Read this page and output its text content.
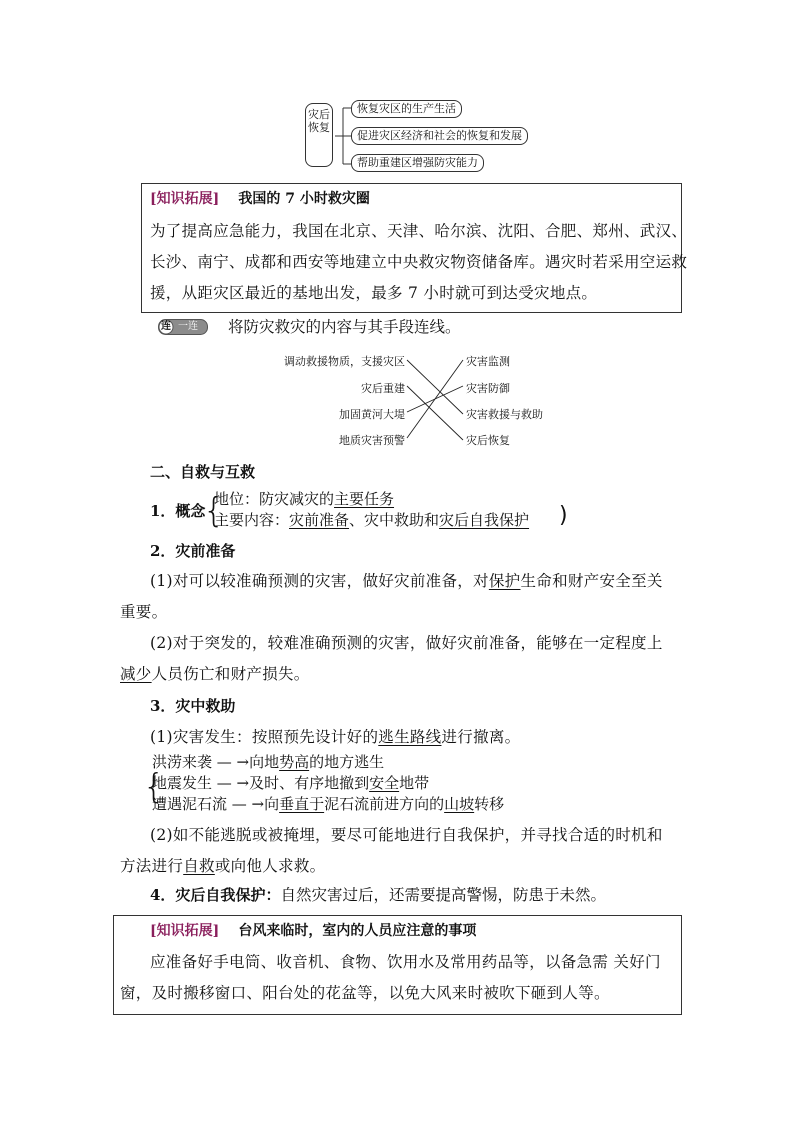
灾后恢复
恢复灾区的生产生活
促进灾区经济和社会的恢复和发展
帮助重建区增强防灾能力
[知识拓展] 我国的 7 小时救灾圈
为了提高应急能力，我国在北京、天津、哈尔滨、沈阳、合肥、郑州、武汉、
长沙、南宁、成都和西安等地建立中央救灾物资储备库。遇灾时若采用空运救
援，从距灾区最近的基地出发，最多 7 小时就可到达受灾地点。
连 一连 将防灾救灾的内容与其手段连线。
调动救援物质，支援灾区
灾后重建
加固黄河大堤
地质灾害预警
灾害监测
灾害防御
灾害救援与救助
灾后恢复
二、自救与互救
1．概念
{
地位：防灾减灾的主要任务
主要内容：灾前准备、灾中救助和灾后自我保护 )
2．灾前准备
(1)对可以较准确预测的灾害，做好灾前准备，对保护生命和财产安全至关
重要。
(2)对于突发的，较难准确预测的灾害，做好灾前准备，能够在一定程度上
减少人员伤亡和财产损失。
3．灾中救助
(1)灾害发生：按照预先设计好的逃生路线进行撤离。
{
洪涝来袭 — →向地势高的地方逃生
地震发生 — →及时、有序地撤到安全地带
遭遇泥石流 — →向垂直于泥石流前进方向的山坡转移
(2)如不能逃脱或被掩埋，要尽可能地进行自我保护，并寻找合适的时机和
方法进行自救或向他人求救。
4．灾后自我保护：自然灾害过后，还需要提高警惕，防患于未然。
[知识拓展] 台风来临时，室内的人员应注意的事项
应准备好手电筒、收音机、食物、饮用水及常用药品等，以备急需 关好门
窗，及时搬移窗口、阳台处的花盆等，以免大风来时被吹下砸到人等。
